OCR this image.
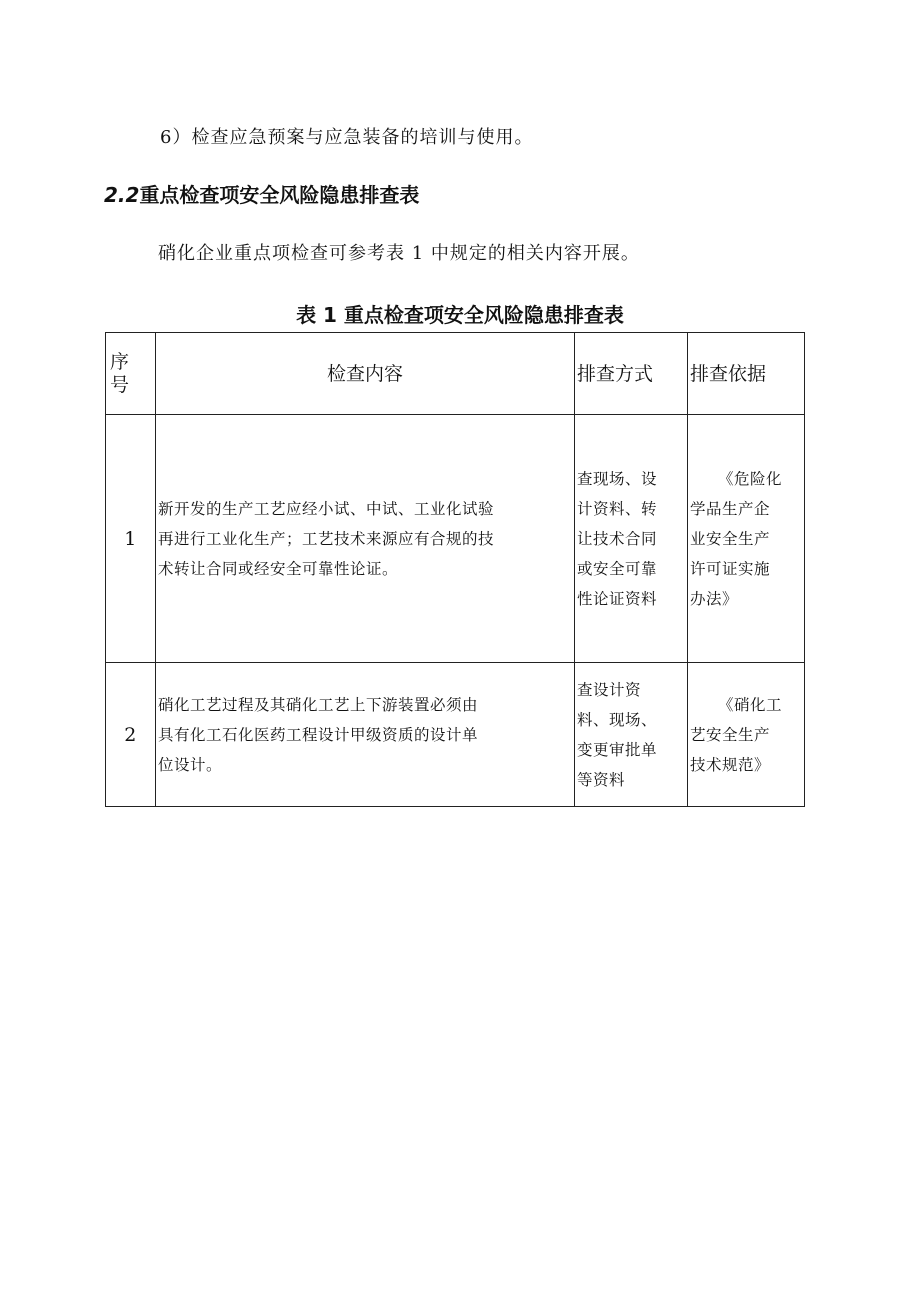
6）检查应急预案与应急装备的培训与使用。

2.2重点检查项安全风险隐患排查表

硝化企业重点项检查可参考表 1 中规定的相关内容开展。

表 1 重点检查项安全风险隐患排查表

序
号	检查内容	排查方式	排查依据
1	新开发的生产工艺应经小试、中试、工业化试验
再进行工业化生产；工艺技术来源应有合规的技
术转让合同或经安全可靠性论证。	查现场、设
计资料、转
让技术合同
或安全可靠
性论证资料	《危险化
学品生产企
业安全生产
许可证实施
办法》

2	硝化工艺过程及其硝化工艺上下游装置必须由
具有化工石化医药工程设计甲级资质的设计单
位设计。	查设计资
料、现场、
变更审批单
等资料	《硝化工
艺安全生产
技术规范》
